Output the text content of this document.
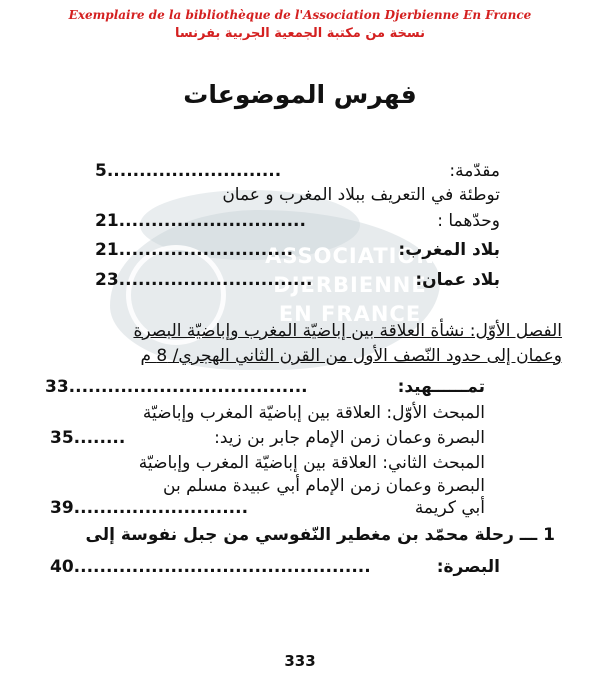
Exemplaire de la bibliothèque de l'Association Djerbienne En France
نسخة من مكتبة الجمعية الجربية بفرنسا
فهرس الموضوعات
ASSOCIATION
DJERBIENNE
EN FRANCE
مقدّمة:
5...........................
توطئة في التعريف ببلاد المغرب و عمان
وحدّهما :
21.............................
بلاد المغرب:
21...........................
بلاد عمان:
23..............................
الفصل الأوّل: نشأة العلاقة بين إباضيّة المغرب وإباضيّة البصرة
وعمان إلى حدود النّصف الأول من القرن الثاني الهجري/ 8 م
تمــــــهيد:
33.....................................
المبحث الأوّل: العلاقة بين إباضيّة المغرب وإباضيّة
البصرة وعمان زمن الإمام جابر بن زيد:
35........
المبحث الثاني: العلاقة بين إباضيّة المغرب وإباضيّة
البصرة وعمان زمن الإمام أبي عبيدة مسلم بن
أبي كريمة
39...........................
1 ـــ رحلة محمّد بن مغطير النّفوسي من جبل نفوسة إلى
البصرة:
40..............................................
333
